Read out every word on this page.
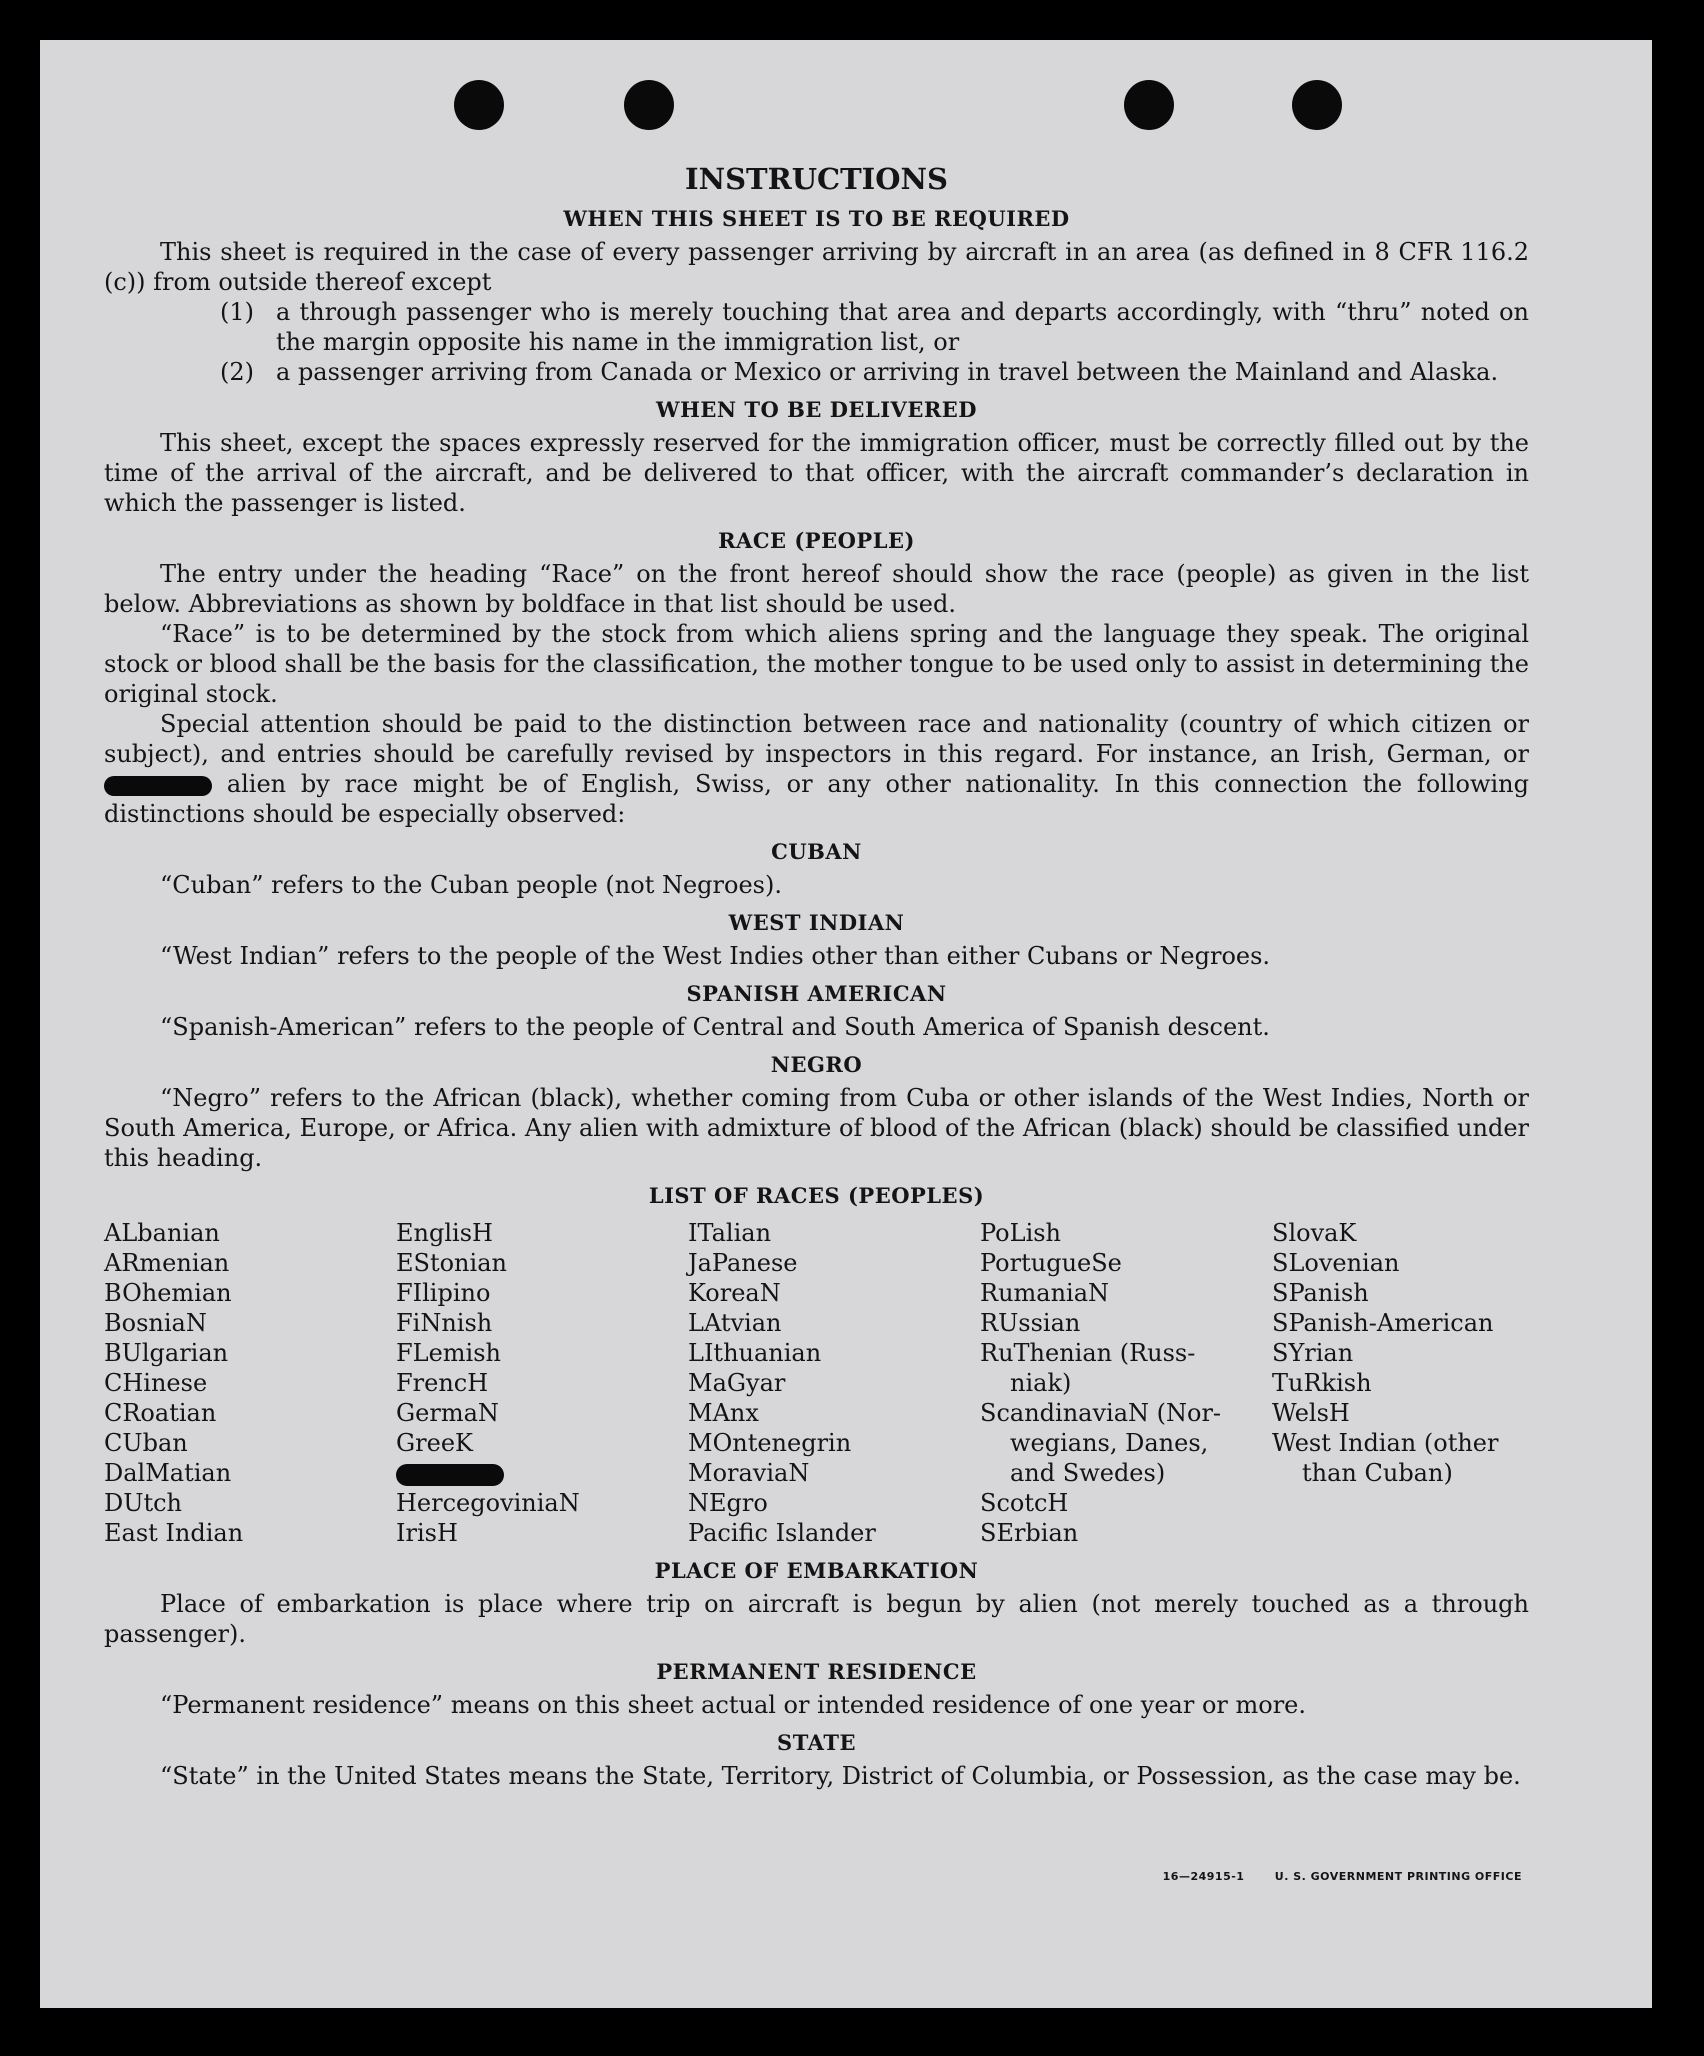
INSTRUCTIONS
WHEN THIS SHEET IS TO BE REQUIRED

This sheet is required in the case of every passenger arriving by aircraft in an area (as defined in 8 CFR 116.2 (c)) from outside thereof except

(1) a through passenger who is merely touching that area and departs accordingly, with “thru” noted on the margin opposite his name in the immigration list, or
(2) a passenger arriving from Canada or Mexico or arriving in travel between the Mainland and Alaska.
WHEN TO BE DELIVERED

This sheet, except the spaces expressly reserved for the immigration officer, must be correctly filled out by the time of the arrival of the aircraft, and be delivered to that officer, with the aircraft commander’s declaration in which the passenger is listed.

RACE (PEOPLE)

The entry under the heading “Race” on the front hereof should show the race (people) as given in the list below. Abbreviations as shown by boldface in that list should be used.

“Race” is to be determined by the stock from which aliens spring and the language they speak. The original stock or blood shall be the basis for the classification, the mother tongue to be used only to assist in determining the original stock.

Special attention should be paid to the distinction between race and nationality (country of which citizen or subject), and entries should be carefully revised by inspectors in this regard. For instance, an Irish, German, or  alien by race might be of English, Swiss, or any other nationality. In this connection the following distinctions should be especially observed:

CUBAN

“Cuban” refers to the Cuban people (not Negroes).

WEST INDIAN

“West Indian” refers to the people of the West Indies other than either Cubans or Negroes.

SPANISH AMERICAN

“Spanish-American” refers to the people of Central and South America of Spanish descent.

NEGRO

“Negro” refers to the African (black), whether coming from Cuba or other islands of the West Indies, North or South America, Europe, or Africa. Any alien with admixture of blood of the African (black) should be classified under this heading.

LIST OF RACES (PEOPLES)
ALbanian
ARmenian
BOhemian
BosniaN
BUlgarian
CHinese
CRoatian
CUban
DalMatian
DUtch
East Indian
EnglisH
EStonian
FIlipino
FiNnish
FLemish
FrencH
GermaN
GreeK
HercegoviniaN
IrisH
ITalian
JaPanese
KoreaN
LAtvian
LIthuanian
MaGyar
MAnx
MOntenegrin
MoraviaN
NEgro
Pacific Islander
PoLish
PortugueSe
RumaniaN
RUssian
RuThenian (Russ-
niak)
ScandinaviaN (Nor-
wegians, Danes,
and Swedes)
ScotcH
SErbian
SlovaK
SLovenian
SPanish
SPanish-American
SYrian
TuRkish
WelsH
West Indian (other
than Cuban)
PLACE OF EMBARKATION

Place of embarkation is place where trip on aircraft is begun by alien (not merely touched as a through passenger).

PERMANENT RESIDENCE

“Permanent residence” means on this sheet actual or intended residence of one year or more.

STATE

“State” in the United States means the State, Territory, District of Columbia, or Possession, as the case may be.

16—24915-1	U. S. GOVERNMENT PRINTING OFFICE
